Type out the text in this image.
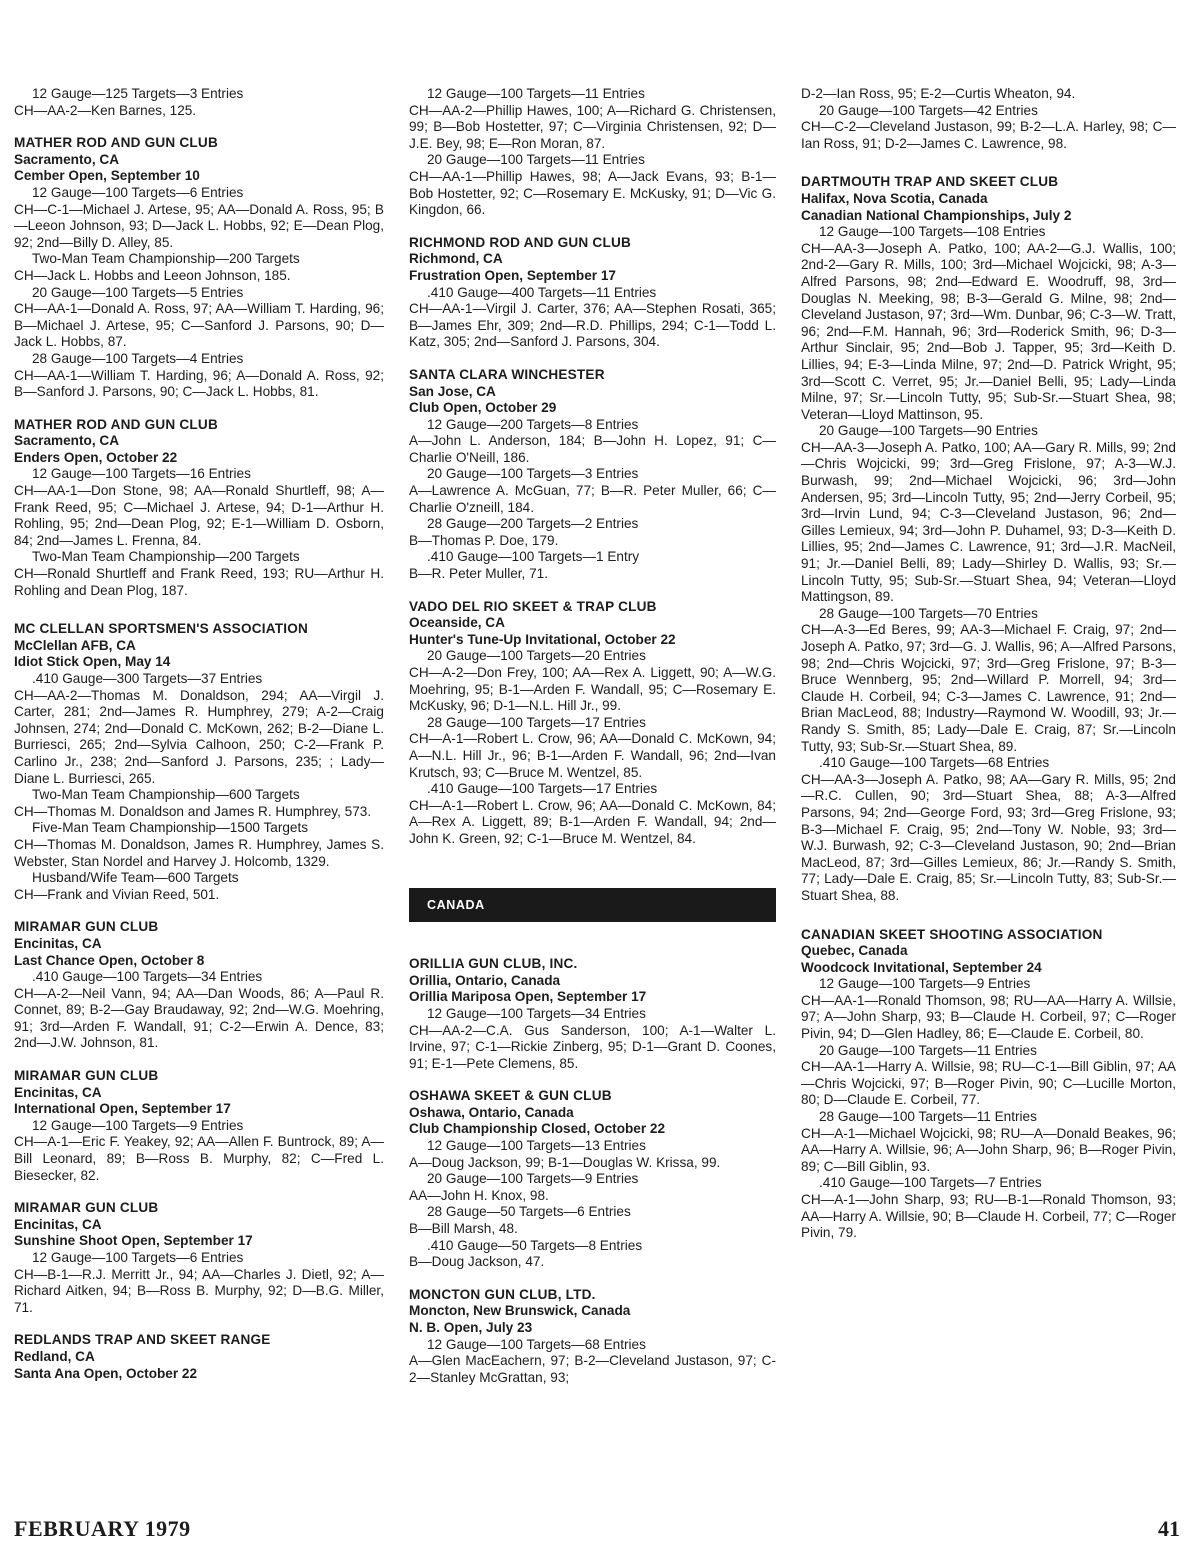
12 Gauge—125 Targets—3 Entries
CH—AA-2—Ken Barnes, 125.
MATHER ROD AND GUN CLUB
Sacramento, CA
Cember Open, September 10
12 Gauge—100 Targets—6 Entries
CH—C-1—Michael J. Artese, 95; AA—Donald A. Ross, 95; B—Leeon Johnson, 93; D—Jack L. Hobbs, 92; E—Dean Plog, 92; 2nd—Billy D. Alley, 85.
Two-Man Team Championship—200 Targets
CH—Jack L. Hobbs and Leeon Johnson, 185.
20 Gauge—100 Targets—5 Entries
CH—AA-1—Donald A. Ross, 97; AA—William T. Harding, 96; B—Michael J. Artese, 95; C—Sanford J. Parsons, 90; D—Jack L. Hobbs, 87.
28 Gauge—100 Targets—4 Entries
CH—AA-1—William T. Harding, 96; A—Donald A. Ross, 92; B—Sanford J. Parsons, 90; C—Jack L. Hobbs, 81.
MATHER ROD AND GUN CLUB
Sacramento, CA
Enders Open, October 22
12 Gauge—100 Targets—16 Entries
CH—AA-1—Don Stone, 98; AA—Ronald Shurtleff, 98; A—Frank Reed, 95; C—Michael J. Artese, 94; D-1—Arthur H. Rohling, 95; 2nd—Dean Plog, 92; E-1—William D. Osborn, 84; 2nd—James L. Frenna, 84.
Two-Man Team Championship—200 Targets
CH—Ronald Shurtleff and Frank Reed, 193; RU—Arthur H. Rohling and Dean Plog, 187.
MC CLELLAN SPORTSMEN'S ASSOCIATION
McClellan AFB, CA
Idiot Stick Open, May 14
.410 Gauge—300 Targets—37 Entries
CH—AA-2—Thomas M. Donaldson, 294; AA—Virgil J. Carter, 281; 2nd—James R. Humphrey, 279; A-2—Craig Johnsen, 274; 2nd—Donald C. McKown, 262; B-2—Diane L. Burriesci, 265; 2nd—Sylvia Calhoon, 250; C-2—Frank P. Carlino Jr., 238; 2nd—Sanford J. Parsons, 235; ; Lady—Diane L. Burriesci, 265.
Two-Man Team Championship—600 Targets
CH—Thomas M. Donaldson and James R. Humphrey, 573.
Five-Man Team Championship—1500 Targets
CH—Thomas M. Donaldson, James R. Humphrey, James S. Webster, Stan Nordel and Harvey J. Holcomb, 1329.
Husband/Wife Team—600 Targets
CH—Frank and Vivian Reed, 501.
MIRAMAR GUN CLUB
Encinitas, CA
Last Chance Open, October 8
.410 Gauge—100 Targets—34 Entries
CH—A-2—Neil Vann, 94; AA—Dan Woods, 86; A—Paul R. Connet, 89; B-2—Gay Braudaway, 92; 2nd—W.G. Moehring, 91; 3rd—Arden F. Wandall, 91; C-2—Erwin A. Dence, 83; 2nd—J.W. Johnson, 81.
MIRAMAR GUN CLUB
Encinitas, CA
International Open, September 17
12 Gauge—100 Targets—9 Entries
CH—A-1—Eric F. Yeakey, 92; AA—Allen F. Buntrock, 89; A—Bill Leonard, 89; B—Ross B. Murphy, 82; C—Fred L. Biesecker, 82.
MIRAMAR GUN CLUB
Encinitas, CA
Sunshine Shoot Open, September 17
12 Gauge—100 Targets—6 Entries
CH—B-1—R.J. Merritt Jr., 94; AA—Charles J. Dietl, 92; A—Richard Aitken, 94; B—Ross B. Murphy, 92; D—B.G. Miller, 71.
REDLANDS TRAP AND SKEET RANGE
Redland, CA
Santa Ana Open, October 22
12 Gauge—100 Targets—11 Entries
CH—AA-2—Phillip Hawes, 100; A—Richard G. Christensen, 99; B—Bob Hostetter, 97; C—Virginia Christensen, 92; D—J.E. Bey, 98; E—Ron Moran, 87.
20 Gauge—100 Targets—11 Entries
CH—AA-1—Phillip Hawes, 98; A—Jack Evans, 93; B-1—Bob Hostetter, 92; C—Rosemary E. McKusky, 91; D—Vic G. Kingdon, 66.
RICHMOND ROD AND GUN CLUB
Richmond, CA
Frustration Open, September 17
.410 Gauge—400 Targets—11 Entries
CH—AA-1—Virgil J. Carter, 376; AA—Stephen Rosati, 365; B—James Ehr, 309; 2nd—R.D. Phillips, 294; C-1—Todd L. Katz, 305; 2nd—Sanford J. Parsons, 304.
SANTA CLARA WINCHESTER
San Jose, CA
Club Open, October 29
12 Gauge—200 Targets—8 Entries
A—John L. Anderson, 184; B—John H. Lopez, 91; C—Charlie O'Neill, 186.
20 Gauge—100 Targets—3 Entries
A—Lawrence A. McGuan, 77; B—R. Peter Muller, 66; C—Charlie O'zneill, 184.
28 Gauge—200 Targets—2 Entries
B—Thomas P. Doe, 179.
.410 Gauge—100 Targets—1 Entry
B—R. Peter Muller, 71.
VADO DEL RIO SKEET & TRAP CLUB
Oceanside, CA
Hunter's Tune-Up Invitational, October 22
20 Gauge—100 Targets—20 Entries
CH—A-2—Don Frey, 100; AA—Rex A. Liggett, 90; A—W.G. Moehring, 95; B-1—Arden F. Wandall, 95; C—Rosemary E. McKusky, 96; D-1—N.L. Hill Jr., 99.
28 Gauge—100 Targets—17 Entries
CH—A-1—Robert L. Crow, 96; AA—Donald C. McKown, 94; A—N.L. Hill Jr., 96; B-1—Arden F. Wandall, 96; 2nd—Ivan Krutsch, 93; C—Bruce M. Wentzel, 85.
.410 Gauge—100 Targets—17 Entries
CH—A-1—Robert L. Crow, 96; AA—Donald C. McKown, 84; A—Rex A. Liggett, 89; B-1—Arden F. Wandall, 94; 2nd—John K. Green, 92; C-1—Bruce M. Wentzel, 84.
CANADA
ORILLIA GUN CLUB, INC.
Orillia, Ontario, Canada
Orillia Mariposa Open, September 17
12 Gauge—100 Targets—34 Entries
CH—AA-2—C.A. Gus Sanderson, 100; A-1—Walter L. Irvine, 97; C-1—Rickie Zinberg, 95; D-1—Grant D. Coones, 91; E-1—Pete Clemens, 85.
OSHAWA SKEET & GUN CLUB
Oshawa, Ontario, Canada
Club Championship Closed, October 22
12 Gauge—100 Targets—13 Entries
A—Doug Jackson, 99; B-1—Douglas W. Krissa, 99.
20 Gauge—100 Targets—9 Entries
AA—John H. Knox, 98.
28 Gauge—50 Targets—6 Entries
B—Bill Marsh, 48.
.410 Gauge—50 Targets—8 Entries
B—Doug Jackson, 47.
MONCTON GUN CLUB, LTD.
Moncton, New Brunswick, Canada
N. B. Open, July 23
12 Gauge—100 Targets—68 Entries
A—Glen MacEachern, 97; B-2—Cleveland Justason, 97; C-2—Stanley McGrattan, 93;
D-2—Ian Ross, 95; E-2—Curtis Wheaton, 94.
20 Gauge—100 Targets—42 Entries
CH—C-2—Cleveland Justason, 99; B-2—L.A. Harley, 98; C—Ian Ross, 91; D-2—James C. Lawrence, 98.
DARTMOUTH TRAP AND SKEET CLUB
Halifax, Nova Scotia, Canada
Canadian National Championships, July 2
12 Gauge—100 Targets—108 Entries
CH—AA-3—Joseph A. Patko, 100; AA-2—G.J. Wallis, 100; 2nd-2—Gary R. Mills, 100; 3rd—Michael Wojcicki, 98; A-3—Alfred Parsons, 98; 2nd—Edward E. Woodruff, 98, 3rd—Douglas N. Meeking, 98; B-3—Gerald G. Milne, 98; 2nd—Cleveland Justason, 97; 3rd—Wm. Dunbar, 96; C-3—W. Tratt, 96; 2nd—F.M. Hannah, 96; 3rd—Roderick Smith, 96; D-3—Arthur Sinclair, 95; 2nd—Bob J. Tapper, 95; 3rd—Keith D. Lillies, 94; E-3—Linda Milne, 97; 2nd—D. Patrick Wright, 95; 3rd—Scott C. Verret, 95; Jr.—Daniel Belli, 95; Lady—Linda Milne, 97; Sr.—Lincoln Tutty, 95; Sub-Sr.—Stuart Shea, 98; Veteran—Lloyd Mattinson, 95.
20 Gauge—100 Targets—90 Entries
CH—AA-3—Joseph A. Patko, 100; AA—Gary R. Mills, 99; 2nd—Chris Wojcicki, 99; 3rd—Greg Frislone, 97; A-3—W.J. Burwash, 99; 2nd—Michael Wojcicki, 96; 3rd—John Andersen, 95; 3rd—Lincoln Tutty, 95; 2nd—Jerry Corbeil, 95; 3rd—Irvin Lund, 94; C-3—Cleveland Justason, 96; 2nd—Gilles Lemieux, 94; 3rd—John P. Duhamel, 93; D-3—Keith D. Lillies, 95; 2nd—James C. Lawrence, 91; 3rd—J.R. MacNeil, 91; Jr.—Daniel Belli, 89; Lady—Shirley D. Wallis, 93; Sr.—Lincoln Tutty, 95; Sub-Sr.—Stuart Shea, 94; Veteran—Lloyd Mattingson, 89.
28 Gauge—100 Targets—70 Entries
CH—A-3—Ed Beres, 99; AA-3—Michael F. Craig, 97; 2nd—Joseph A. Patko, 97; 3rd—G. J. Wallis, 96; A—Alfred Parsons, 98; 2nd—Chris Wojcicki, 97; 3rd—Greg Frislone, 97; B-3—Bruce Wennberg, 95; 2nd—Willard P. Morrell, 94; 3rd—Claude H. Corbeil, 94; C-3—James C. Lawrence, 91; 2nd—Brian MacLeod, 88; Industry—Raymond W. Woodill, 93; Jr.—Randy S. Smith, 85; Lady—Dale E. Craig, 87; Sr.—Lincoln Tutty, 93; Sub-Sr.—Stuart Shea, 89.
.410 Gauge—100 Targets—68 Entries
CH—AA-3—Joseph A. Patko, 98; AA—Gary R. Mills, 95; 2nd—R.C. Cullen, 90; 3rd—Stuart Shea, 88; A-3—Alfred Parsons, 94; 2nd—George Ford, 93; 3rd—Greg Frislone, 93; B-3—Michael F. Craig, 95; 2nd—Tony W. Noble, 93; 3rd—W.J. Burwash, 92; C-3—Cleveland Justason, 90; 2nd—Brian MacLeod, 87; 3rd—Gilles Lemieux, 86; Jr.—Randy S. Smith, 77; Lady—Dale E. Craig, 85; Sr.—Lincoln Tutty, 83; Sub-Sr.—Stuart Shea, 88.
CANADIAN SKEET SHOOTING ASSOCIATION
Quebec, Canada
Woodcock Invitational, September 24
12 Gauge—100 Targets—9 Entries
CH—AA-1—Ronald Thomson, 98; RU—AA—Harry A. Willsie, 97; A—John Sharp, 93; B—Claude H. Corbeil, 97; C—Roger Pivin, 94; D—Glen Hadley, 86; E—Claude E. Corbeil, 80.
20 Gauge—100 Targets—11 Entries
CH—AA-1—Harry A. Willsie, 98; RU—C-1—Bill Giblin, 97; AA—Chris Wojcicki, 97; B—Roger Pivin, 90; C—Lucille Morton, 80; D—Claude E. Corbeil, 77.
28 Gauge—100 Targets—11 Entries
CH—A-1—Michael Wojcicki, 98; RU—A—Donald Beakes, 96; AA—Harry A. Willsie, 96; A—John Sharp, 96; B—Roger Pivin, 89; C—Bill Giblin, 93.
.410 Gauge—100 Targets—7 Entries
CH—A-1—John Sharp, 93; RU—B-1—Ronald Thomson, 93; AA—Harry A. Willsie, 90; B—Claude H. Corbeil, 77; C—Roger Pivin, 79.
FEBRUARY 1979	41
